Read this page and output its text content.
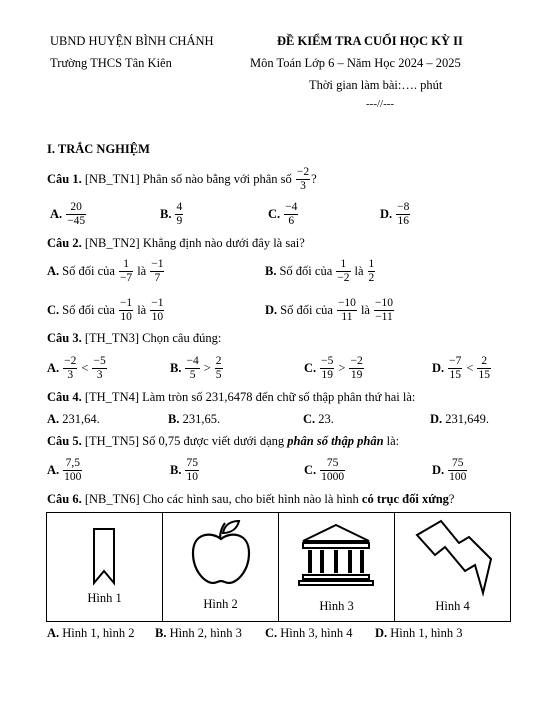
UBND HUYỆN BÌNH CHÁNH
Trường THCS Tân Kiên
ĐỀ KIỂM TRA CUỐI HỌC KỲ II
Môn Toán Lớp 6 – Năm Học 2024 – 2025
Thời gian làm bài:…. phút
---//---
I. TRẮC NGHIỆM
Câu 1.
[NB_TN1] Phân số nào bằng với phân số
$\frac{-2}{3}$ ?
A. $\frac{20}{-45}$	B. $\frac{4}{9}$	C. $\frac{-4}{6}$	D. $\frac{-8}{16}$
Câu 2. [NB_TN2] Khẳng định nào dưới đây là sai?
A. Số đối của $\frac{1}{-7}$ là $\frac{-1}{7}$	B. Số đối của $\frac{1}{-2}$ là $\frac{1}{2}$
C. Số đối của $\frac{-1}{10}$ là $\frac{-1}{10}$	D. Số đối của $\frac{-10}{11}$ là $\frac{-10}{-11}$
Câu 3. [TH_TN3] Chọn câu đúng:
A. $\frac{-2}{3} < \frac{-5}{3}$	B. $\frac{-4}{5} > \frac{2}{5}$	C. $\frac{-5}{19} > \frac{-2}{19}$	D. $\frac{-7}{15} < \frac{2}{15}$
Câu 4. [TH_TN4] Làm tròn số 231,6478 đến chữ số thập phân thứ hai là:
A. 231,64.	B. 231,65.	C. 23.	D. 231,649.
Câu 5. [TH_TN5] Số 0,75 được viết dưới dạng phân số thập phân là:
A. $\frac{7,5}{100}$	B. $\frac{75}{10}$	C. $\frac{75}{1000}$	D. $\frac{75}{100}$
Câu 6. [NB_TN6] Cho các hình sau, cho biết hình nào là hình có trục đối xứng?
Hình 1	Hình 2	Hình 3	Hình 4
A. Hình 1, hình 2 B. Hình 2, hình 3 C. Hình 3, hình 4 D. Hình 1, hình 3
